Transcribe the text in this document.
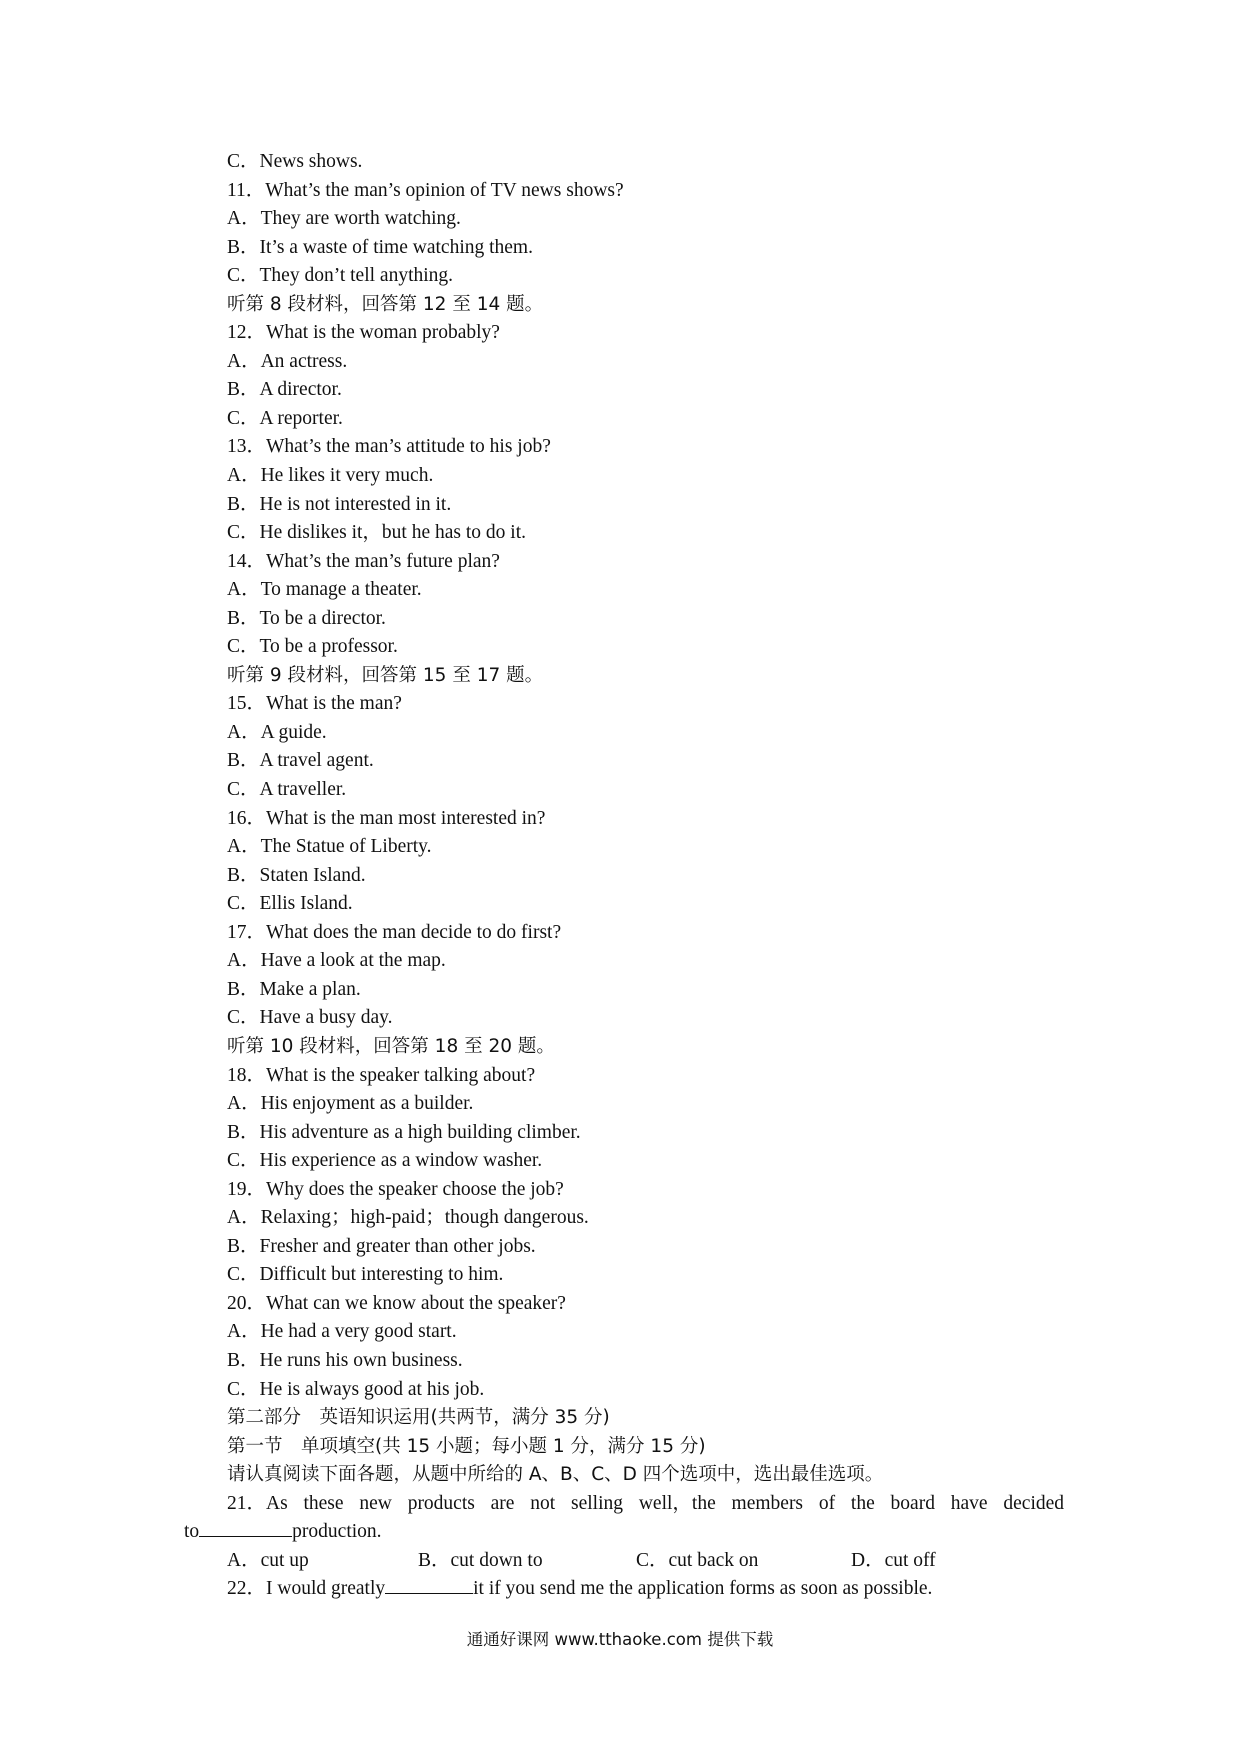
C．News shows.
11．What’s the man’s opinion of TV news shows?
A．They are worth watching.
B．It’s a waste of time watching them.
C．They don’t tell anything.
听第 8 段材料，回答第 12 至 14 题。
12．What is the woman probably?
A．An actress.
B．A director.
C．A reporter.
13．What’s the man’s attitude to his job?
A．He likes it very much.
B．He is not interested in it.
C．He dislikes it，but he has to do it.
14．What’s the man’s future plan?
A．To manage a theater.
B．To be a director.
C．To be a professor.
听第 9 段材料，回答第 15 至 17 题。
15．What is the man?
A．A guide.
B．A travel agent.
C．A traveller.
16．What is the man most interested in?
A．The Statue of Liberty.
B．Staten Island.
C．Ellis Island.
17．What does the man decide to do first?
A．Have a look at the map.
B．Make a plan.
C．Have a busy day.
听第 10 段材料，回答第 18 至 20 题。
18．What is the speaker talking about?
A．His enjoyment as a builder.
B．His adventure as a high building climber.
C．His experience as a window washer.
19．Why does the speaker choose the job?
A．Relaxing；high-paid；though dangerous.
B．Fresher and greater than other jobs.
C．Difficult but interesting to him.
20．What can we know about the speaker?
A．He had a very good start.
B．He runs his own business.
C．He is always good at his job.
第二部分　英语知识运用(共两节，满分 35 分)
第一节　单项填空(共 15 小题；每小题 1 分，满分 15 分)
请认真阅读下面各题，从题中所给的 A、B、C、D 四个选项中，选出最佳选项。
21．As these new products are not selling well，the members of the board have decided
to	production.
A．cut up	B．cut down to	C．cut back on	D．cut off
22．I would greatly	it if you send me the application forms as soon as possible.
通通好课网 www.tthaoke.com 提供下载
